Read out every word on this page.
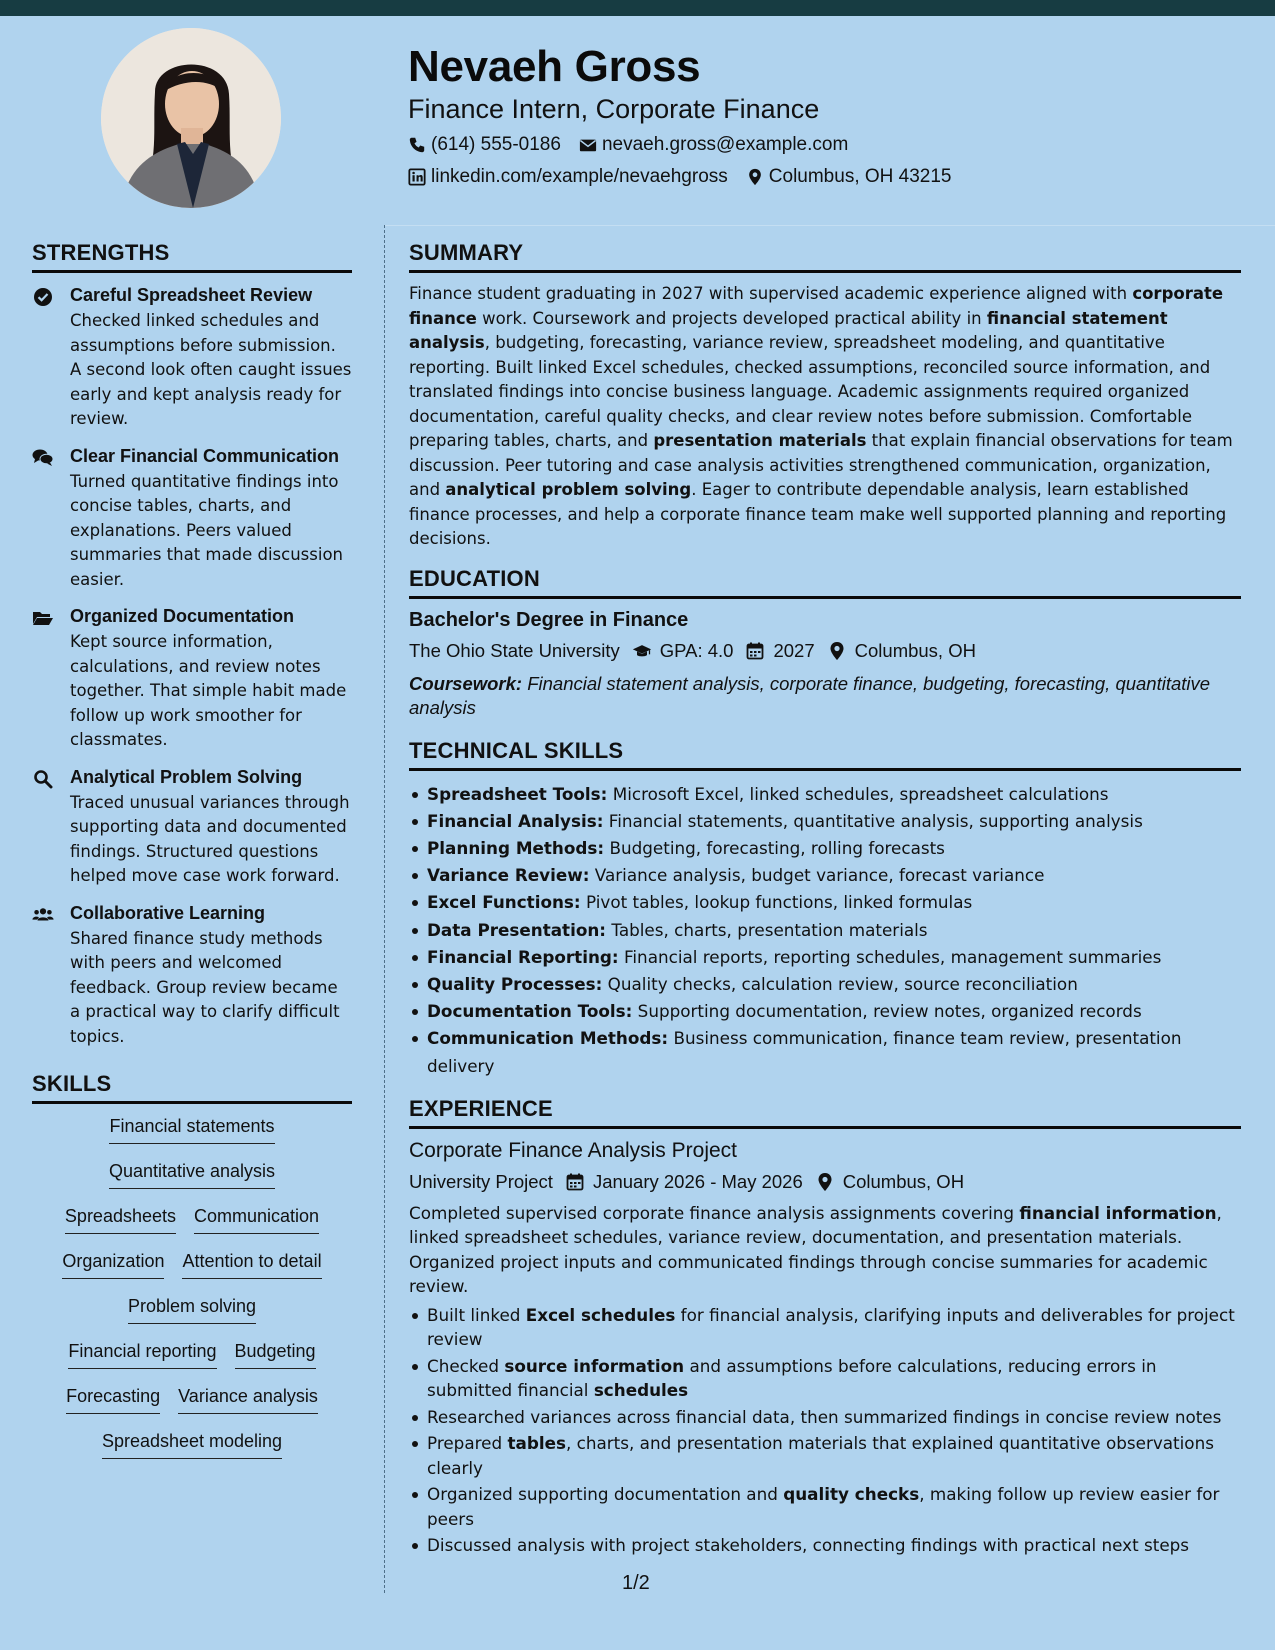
Nevaeh Gross
Finance Intern, Corporate Finance
(614) 555-0186 nevaeh.gross@example.com
linkedin.com/example/nevaehgross Columbus, OH 43215
STRENGTHS
Careful Spreadsheet Review

Checked linked schedules and assumptions before submission. A second look often caught issues early and kept analysis ready for review.

Clear Financial Communication

Turned quantitative findings into concise tables, charts, and explanations. Peers valued summaries that made discussion easier.

Organized Documentation

Kept source information, calculations, and review notes together. That simple habit made follow up work smoother for classmates.

Analytical Problem Solving

Traced unusual variances through supporting data and documented findings. Structured questions helped move case work forward.

Collaborative Learning

Shared finance study methods with peers and welcomed feedback. Group review became a practical way to clarify difficult topics.

SKILLS
Financial statements
Quantitative analysis
Spreadsheets Communication
Organization Attention to detail
Problem solving
Financial reporting Budgeting
Forecasting Variance analysis
Spreadsheet modeling
SUMMARY

Finance student graduating in 2027 with supervised academic experience aligned with corporate finance work. Coursework and projects developed practical ability in financial statement analysis, budgeting, forecasting, variance review, spreadsheet modeling, and quantitative reporting. Built linked Excel schedules, checked assumptions, reconciled source information, and translated findings into concise business language. Academic assignments required organized documentation, careful quality checks, and clear review notes before submission. Comfortable preparing tables, charts, and presentation materials that explain financial observations for team discussion. Peer tutoring and case analysis activities strengthened communication, organization, and analytical problem solving. Eager to contribute dependable analysis, learn established finance processes, and help a corporate finance team make well supported planning and reporting decisions.

EDUCATION
Bachelor's Degree in Finance
The Ohio State University GPA: 4.0 2027 Columbus, OH
Coursework: Financial statement analysis, corporate finance, budgeting, forecasting, quantitative analysis
TECHNICAL SKILLS
Spreadsheet Tools: Microsoft Excel, linked schedules, spreadsheet calculations
Financial Analysis: Financial statements, quantitative analysis, supporting analysis
Planning Methods: Budgeting, forecasting, rolling forecasts
Variance Review: Variance analysis, budget variance, forecast variance
Excel Functions: Pivot tables, lookup functions, linked formulas
Data Presentation: Tables, charts, presentation materials
Financial Reporting: Financial reports, reporting schedules, management summaries
Quality Processes: Quality checks, calculation review, source reconciliation
Documentation Tools: Supporting documentation, review notes, organized records
Communication Methods: Business communication, finance team review, presentation delivery
EXPERIENCE
Corporate Finance Analysis Project
University Project January 2026 - May 2026 Columbus, OH

Completed supervised corporate finance analysis assignments covering financial information, linked spreadsheet schedules, variance review, documentation, and presentation materials. Organized project inputs and communicated findings through concise summaries for academic review.

Built linked Excel schedules for financial analysis, clarifying inputs and deliverables for project review
Checked source information and assumptions before calculations, reducing errors in submitted financial schedules
Researched variances across financial data, then summarized findings in concise review notes
Prepared tables, charts, and presentation materials that explained quantitative observations clearly
Organized supporting documentation and quality checks, making follow up review easier for peers
Discussed analysis with project stakeholders, connecting findings with practical next steps
1/2
